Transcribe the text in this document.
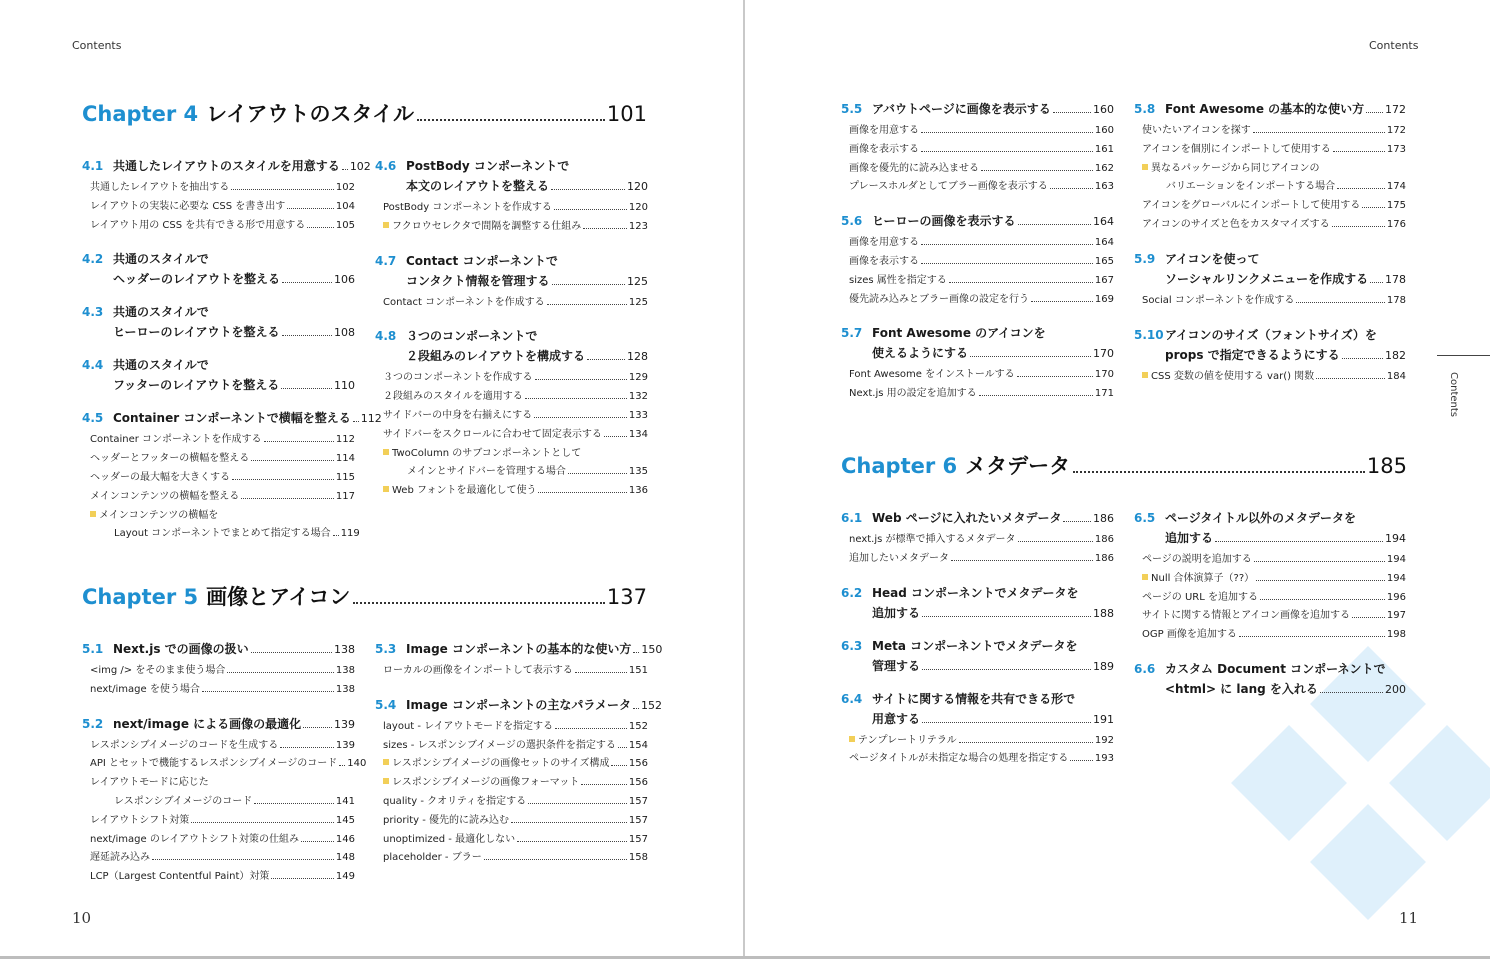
Contents
Chapter 4 レイアウトのスタイル	101
4.1 共通したレイアウトのスタイルを用意する 102
共通したレイアウトを抽出する	102
レイアウトの実装に必要な CSS を書き出す	104
レイアウト用の CSS を共有できる形で用意する	105
4.2 共通のスタイルで
ヘッダーのレイアウトを整える	106
4.3 共通のスタイルで
ヒーローのレイアウトを整える	108
4.4 共通のスタイルで
フッターのレイアウトを整える	110
4.5 Container コンポーネントで横幅を整える 112
Container コンポーネントを作成する	112
ヘッダーとフッターの横幅を整える	114
ヘッダーの最大幅を大きくする	115
メインコンテンツの横幅を整える	117
メインコンテンツの横幅を
Layout コンポーネントでまとめて指定する場合 119
4.6 PostBody コンポーネントで
本文のレイアウトを整える	120
PostBody コンポーネントを作成する	120
フクロウセレクタで間隔を調整する仕組み	123
4.7 Contact コンポーネントで
コンタクト情報を管理する	125
Contact コンポーネントを作成する	125
4.8 ３つのコンポーネントで
２段組みのレイアウトを構成する	128
３つのコンポーネントを作成する	129
２段組みのスタイルを適用する	132
サイドバーの中身を右揃えにする	133
サイドバーをスクロールに合わせて固定表示する	134
TwoColumn のサブコンポーネントとして
メインとサイドバーを管理する場合	135
Web フォントを最適化して使う	136
Chapter 5 画像とアイコン	137
5.1 Next.js での画像の扱い	138
<img /> をそのまま使う場合	138
next/image を使う場合	138
5.2 next/image による画像の最適化	139
レスポンシブイメージのコードを生成する	139
API とセットで機能するレスポンシブイメージのコード 140
レイアウトモードに応じた
レスポンシブイメージのコード	141
レイアウトシフト対策	145
next/image のレイアウトシフト対策の仕組み	146
遅延読み込み	148
LCP（Largest Contentful Paint）対策	149
5.3 Image コンポーネントの基本的な使い方 150
ローカルの画像をインポートして表示する	151
5.4 Image コンポーネントの主なパラメータ 152
layout - レイアウトモードを指定する	152
sizes - レスポンシブイメージの選択条件を指定する 154
レスポンシブイメージの画像セットのサイズ構成 156
レスポンシブイメージの画像フォーマット	156
quality - クオリティを指定する	157
priority - 優先的に読み込む	157
unoptimized - 最適化しない	157
placeholder - ブラー	158
10
Contents
5.5 アバウトページに画像を表示する	160
画像を用意する	160
画像を表示する	161
画像を優先的に読み込ませる	162
プレースホルダとしてブラー画像を表示する	163
5.6 ヒーローの画像を表示する	164
画像を用意する	164
画像を表示する	165
sizes 属性を指定する	167
優先読み込みとブラー画像の設定を行う	169
5.7 Font Awesome のアイコンを
使えるようにする	170
Font Awesome をインストールする	170
Next.js 用の設定を追加する	171
5.8 Font Awesome の基本的な使い方 172
使いたいアイコンを探す	172
アイコンを個別にインポートして使用する	173
異なるパッケージから同じアイコンの
バリエーションをインポートする場合	174
アイコンをグローバルにインポートして使用する	175
アイコンのサイズと色をカスタマイズする	176
5.9 アイコンを使って
ソーシャルリンクメニューを作成する 178
Social コンポーネントを作成する	178
5.10 アイコンのサイズ（フォントサイズ）を
props で指定できるようにする	182
CSS 変数の値を使用する var() 関数	184	Contents
Chapter 6 メタデータ	185
6.1 Web ページに入れたいメタデータ	186
next.js が標準で挿入するメタデータ	186
追加したいメタデータ	186
6.2 Head コンポーネントでメタデータを
追加する	188
6.3 Meta コンポーネントでメタデータを
管理する	189
6.4 サイトに関する情報を共有できる形で
用意する	191
テンプレートリテラル	192
ページタイトルが未指定な場合の処理を指定する	193
6.5 ページタイトル以外のメタデータを
追加する	194
ページの説明を追加する	194
Null 合体演算子（??）	194
ページの URL を追加する	196
サイトに関する情報とアイコン画像を追加する	197
OGP 画像を追加する	198
6.6 カスタム Document コンポーネントで
<html> に lang を入れる	200
11
